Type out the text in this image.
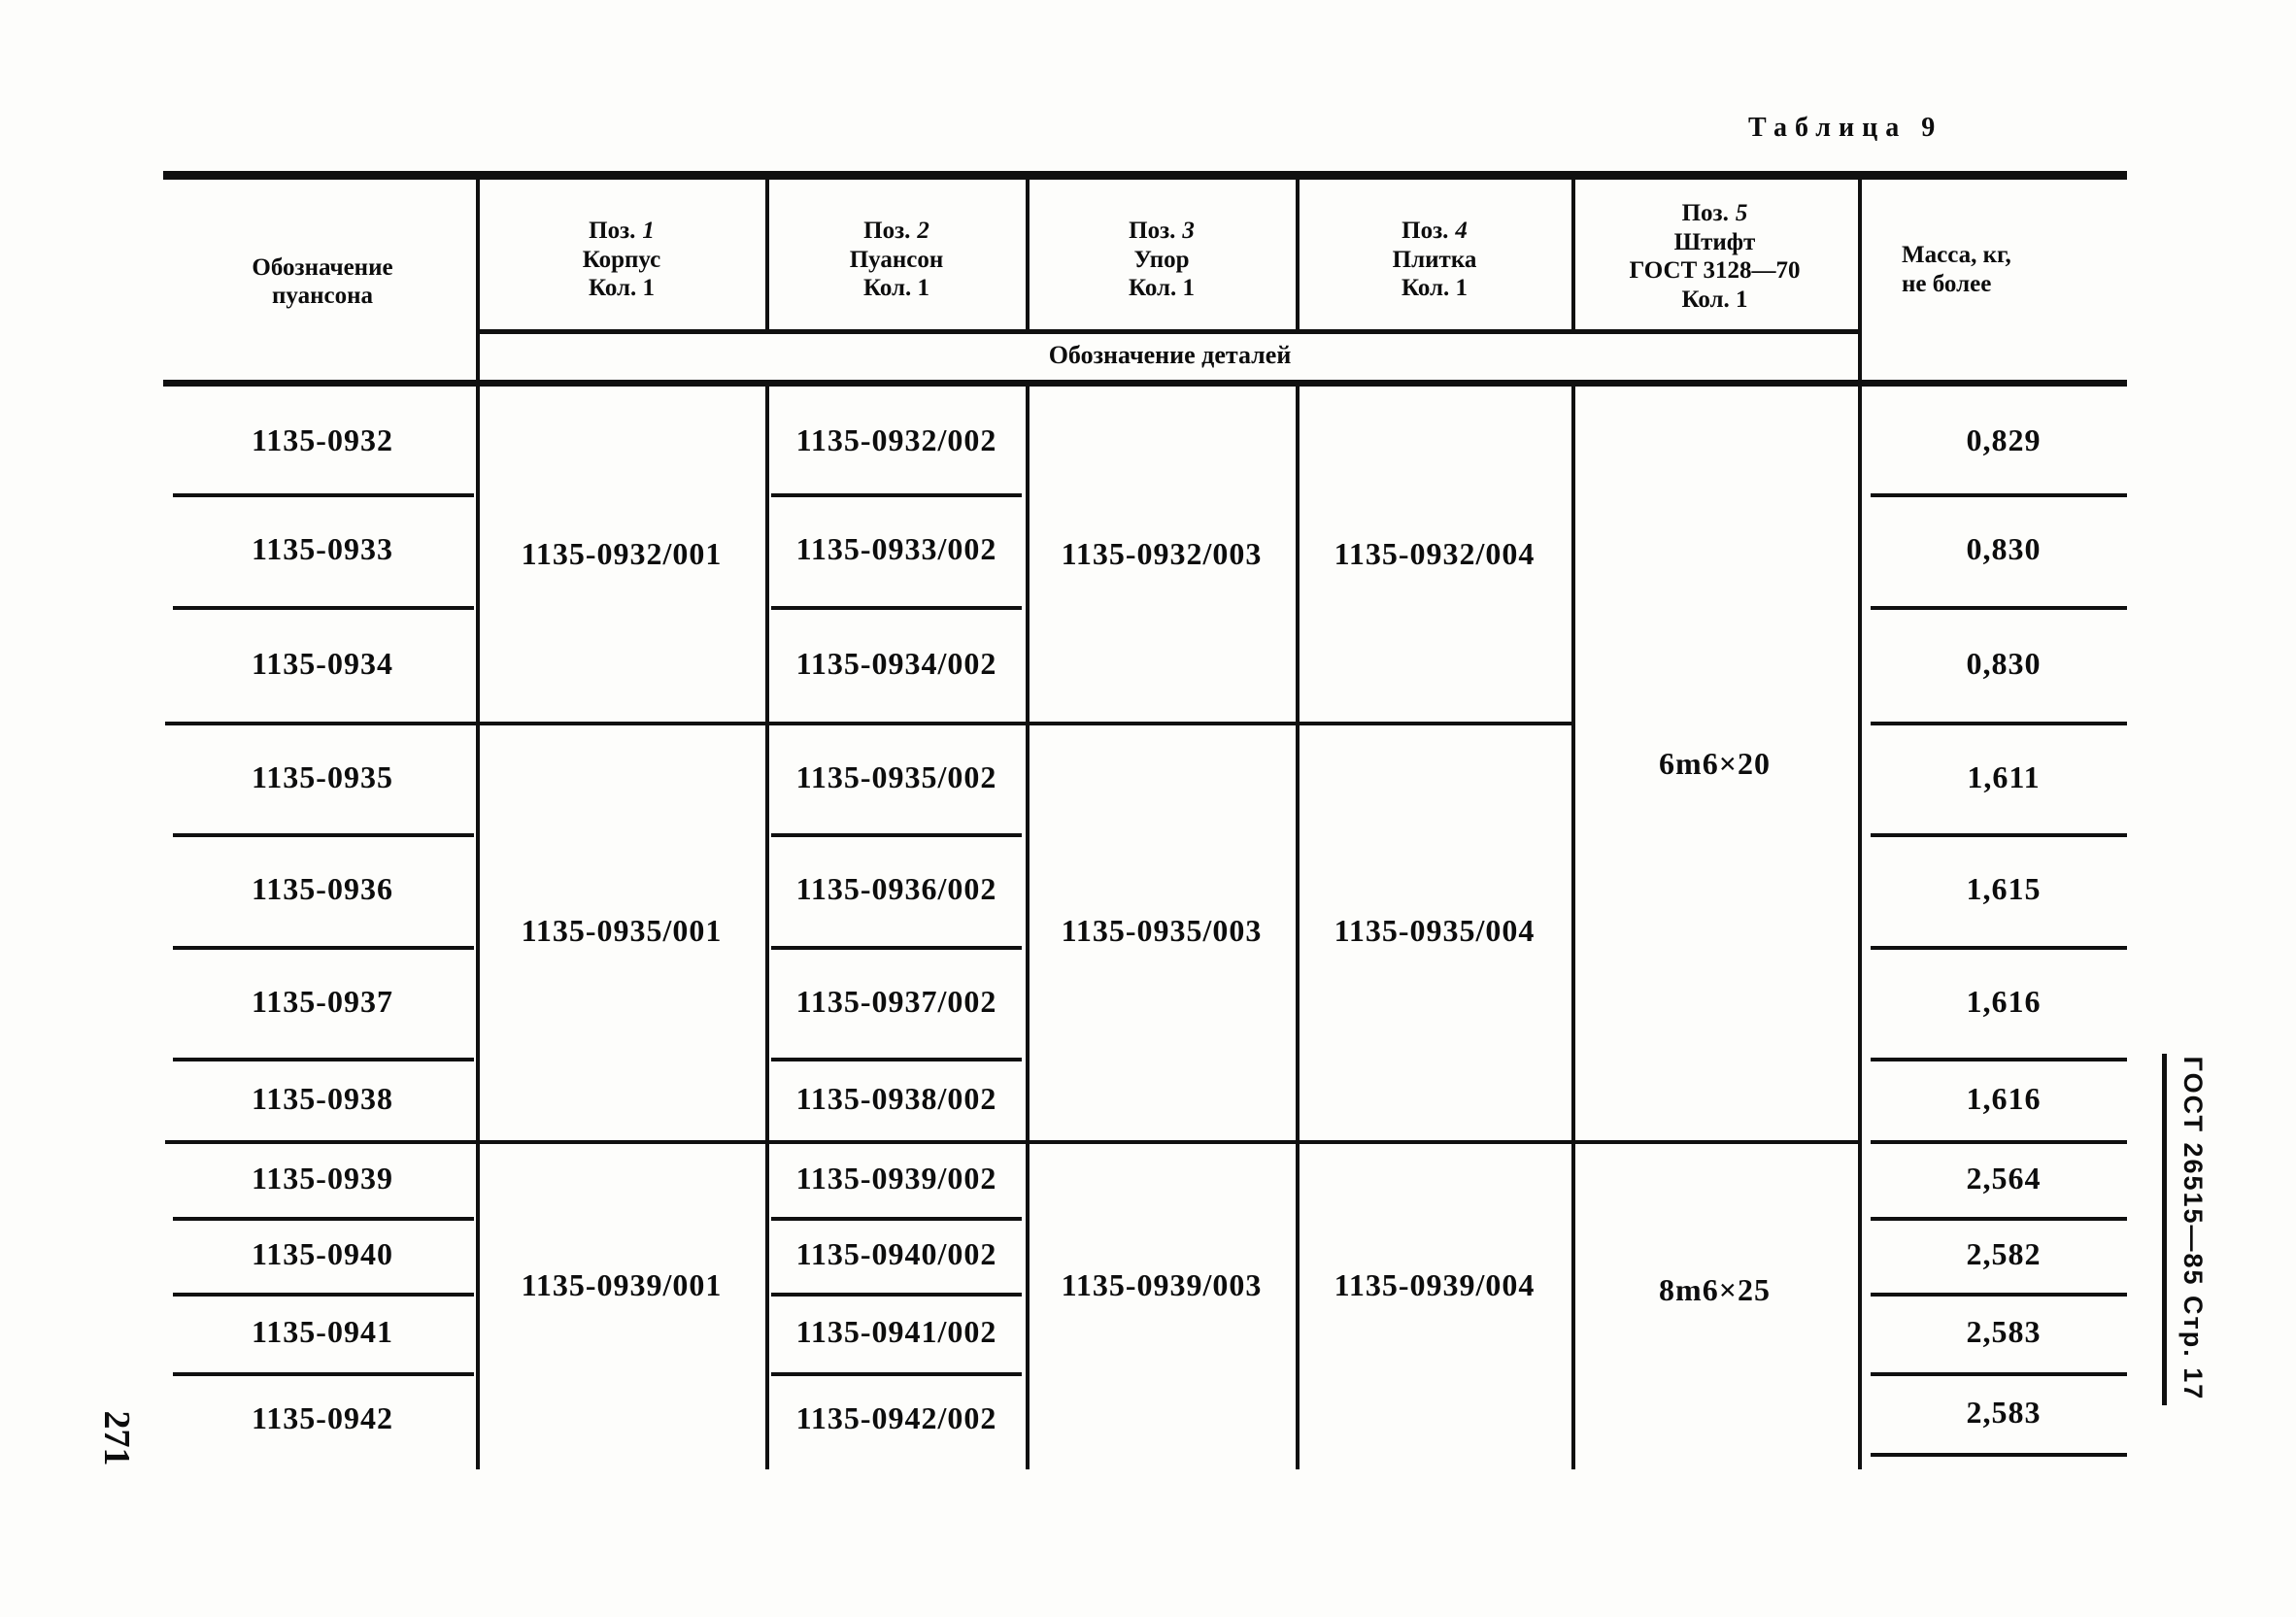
Таблица 9
271
ГОСТ 26515—85 Стр. 17
Обозначение
пуансона
Поз. 1
Корпус
Кол. 1
Поз. 2
Пуансон
Кол. 1
Поз. 3
Упор
Кол. 1
Поз. 4
Плитка
Кол. 1
Поз. 5
Штифт
ГОСТ 3128—70
Кол. 1
Масса, кг,
не более
Обозначение деталей
1135-0932
1135-0933
1135-0934
1135-0935
1135-0936
1135-0937
1135-0938
1135-0939
1135-0940
1135-0941
1135-0942
1135-0932/001
1135-0935/001
1135-0939/001
1135-0932/002
1135-0933/002
1135-0934/002
1135-0935/002
1135-0936/002
1135-0937/002
1135-0938/002
1135-0939/002
1135-0940/002
1135-0941/002
1135-0942/002
1135-0932/003
1135-0935/003
1135-0939/003
1135-0932/004
1135-0935/004
1135-0939/004
6m6×20
8m6×25
0,829
0,830
0,830
1,611
1,615
1,616
1,616
2,564
2,582
2,583
2,583
